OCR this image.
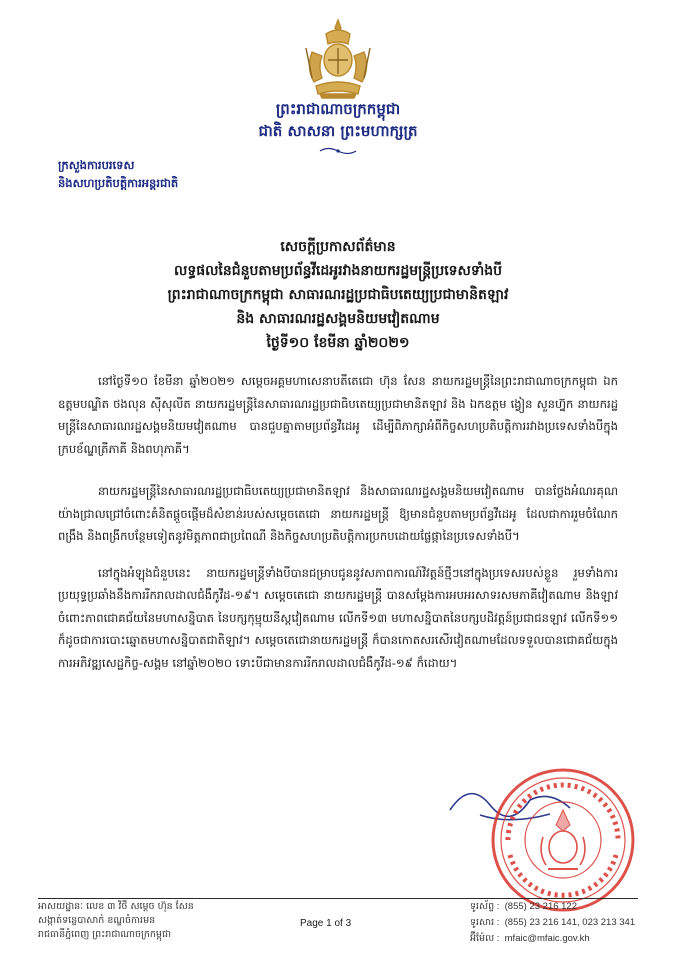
ព្រះរាជាណាចក្រកម្ពុជា
ជាតិ សាសនា ព្រះមហាក្សត្រ
ក្រសួងការបរទេស
និងសហប្រតិបត្តិការអន្តរជាតិ
សេចក្តីប្រកាសព័ត៌មាន
លទ្ធផលនៃជំនួបតាមប្រព័ន្ធវីដេអូរវាងនាយករដ្ឋមន្ត្រីប្រទេសទាំងបី
ព្រះរាជាណាចក្រកម្ពុជា សាធារណរដ្ឋប្រជាធិបតេយ្យប្រជាមានិតឡាវ
និង សាធារណរដ្ឋសង្គមនិយមវៀតណាម
ថ្ងៃទី១០ ខែមីនា ឆ្នាំ២០២១

នៅថ្ងៃទី១០ ខែមីនា ឆ្នាំ២០២១ សម្តេចអគ្គមហាសេនាបតីតេជោ ហ៊ុន សែន នាយករដ្ឋមន្ត្រីនៃព្រះរាជាណាចក្រកម្ពុជា ឯកឧត្តមបណ្ឌិត ថងលុន ស៊ីសុលីត នាយករដ្ឋមន្ត្រីនៃសាធារណរដ្ឋប្រជាធិបតេយ្យប្រជាមានិតឡាវ និង ឯកឧត្តម ង្វៀន សួនហ្វ៊ុក នាយករដ្ឋមន្ត្រីនៃសាធារណរដ្ឋសង្គមនិយមវៀតណាម បានជួបគ្នាតាមប្រព័ន្ធវីដេអូ ដើម្បីពិភាក្សាអំពីកិច្ចសហប្រតិបត្តិការរវាងប្រទេសទាំងបីក្នុងក្របខ័ណ្ឌត្រីភាគី និងពហុភាគី។

នាយករដ្ឋមន្ត្រីនៃសាធារណរដ្ឋប្រជាធិបតេយ្យប្រជាមានិតឡាវ និងសាធារណរដ្ឋសង្គមនិយមវៀតណាម បានថ្លែងអំណរគុណយ៉ាងជ្រាលជ្រៅចំពោះគំនិតផ្តួចផ្តើមដ៏សំខាន់របស់សម្តេចតេជោ នាយករដ្ឋមន្ត្រី ឱ្យមានជំនួបតាមប្រព័ន្ធវីដេអូ ដែលជាការរួមចំណែកពង្រឹង និងពង្រីកបន្ថែមទៀតនូវមិត្តភាពជាប្រពៃណី និងកិច្ចសហប្រតិបត្តិការប្រកបដោយផ្លែផ្កានៃប្រទេសទាំងបី។

នៅក្នុងអំឡុងជំនួបនេះ នាយករដ្ឋមន្ត្រីទាំងបីបានជម្រាបជូននូវសភាពការណ៍វិវត្តន៍ថ្មីៗនៅក្នុងប្រទេសរបស់ខ្លួន រួមទាំងការប្រយុទ្ធប្រឆាំងនឹងការរីករាលដាលជំងឺកូវីដ-១៩។ សម្តេចតេជោ នាយករដ្ឋមន្ត្រី បានសម្តែងការអបអរសាទរសមភាគីវៀតណាម និងឡាវ ចំពោះភាពជោគជ័យនៃមហាសន្និបាត នៃបក្សកុម្មុយនីស្តវៀតណាម លើកទី១៣ មហាសន្និបាតនៃបក្សបដិវត្តន៍ប្រជាជនឡាវ លើកទី១១ ក៏ដូចជាការបោះឆ្នោតមហាសន្និបាតជាតិឡាវ។ សម្តេចតេជោនាយករដ្ឋមន្ត្រី ក៏បានកោតសរសើរវៀតណាមដែលទទួលបានជោគជ័យក្នុងការអភិវឌ្ឍសេដ្ឋកិច្ច-សង្គម នៅឆ្នាំ២០២០ ទោះបីជាមានការរីករាលដាលជំងឺកូវីដ-១៩ ក៏ដោយ។

អាសយដ្ឋានៈ លេខ ៣ វិថី សម្តេច ហ៊ុន សែន
សង្កាត់ទន្លេបាសាក់ ខណ្ឌចំការមន
រាជធានីភ្នំពេញ ព្រះរាជាណាចក្រកម្ពុជា
Page 1 of 3
ទូរស័ព្ទ : (855) 23 216 122
ទូរសារ : (855) 23 216 141, 023 213 341
អ៊ីម៉ែល : mfaic@mfaic.gov.kh
